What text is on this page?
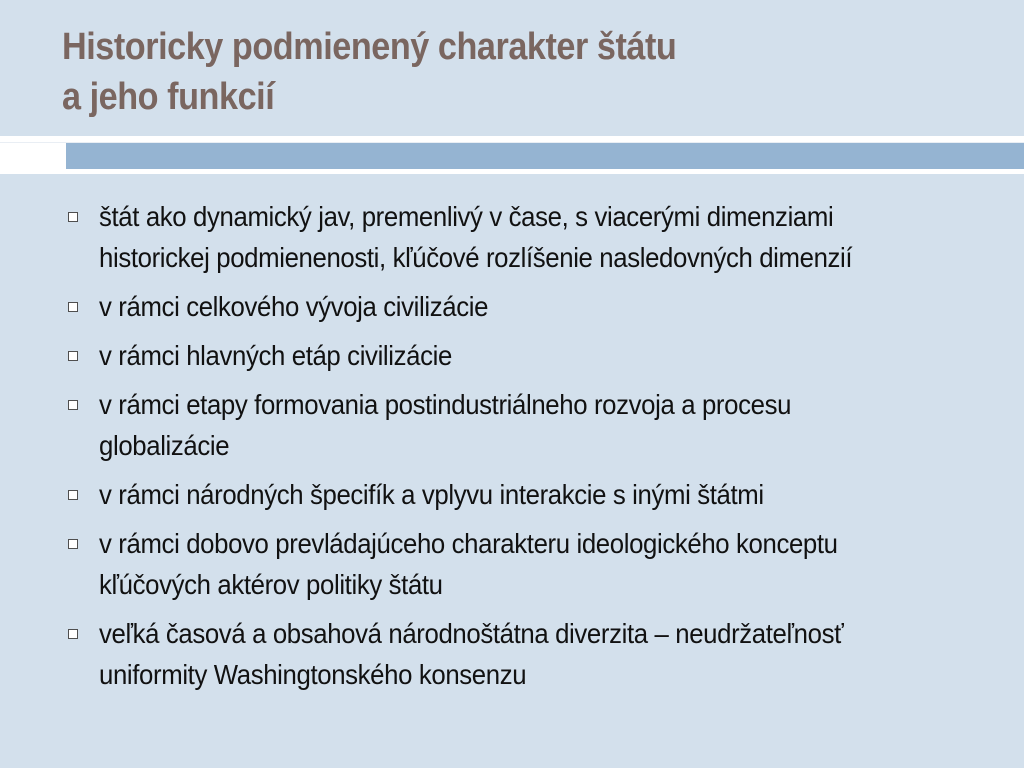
Historicky podmienený charakter štátu
a jeho funkcií
štát ako dynamický jav, premenlivý v čase, s viacerými dimenziami
historickej podmienenosti, kľúčové rozlíšenie nasledovných dimenzií
v rámci celkového vývoja civilizácie
v rámci hlavných etáp civilizácie
v rámci etapy formovania postindustriálneho rozvoja a procesu
globalizácie
v rámci národných špecifík a vplyvu interakcie s inými štátmi
v rámci dobovo prevládajúceho charakteru ideologického konceptu
kľúčových aktérov politiky štátu
veľká časová a obsahová národnoštátna diverzita – neudržateľnosť
uniformity Washingtonského konsenzu
